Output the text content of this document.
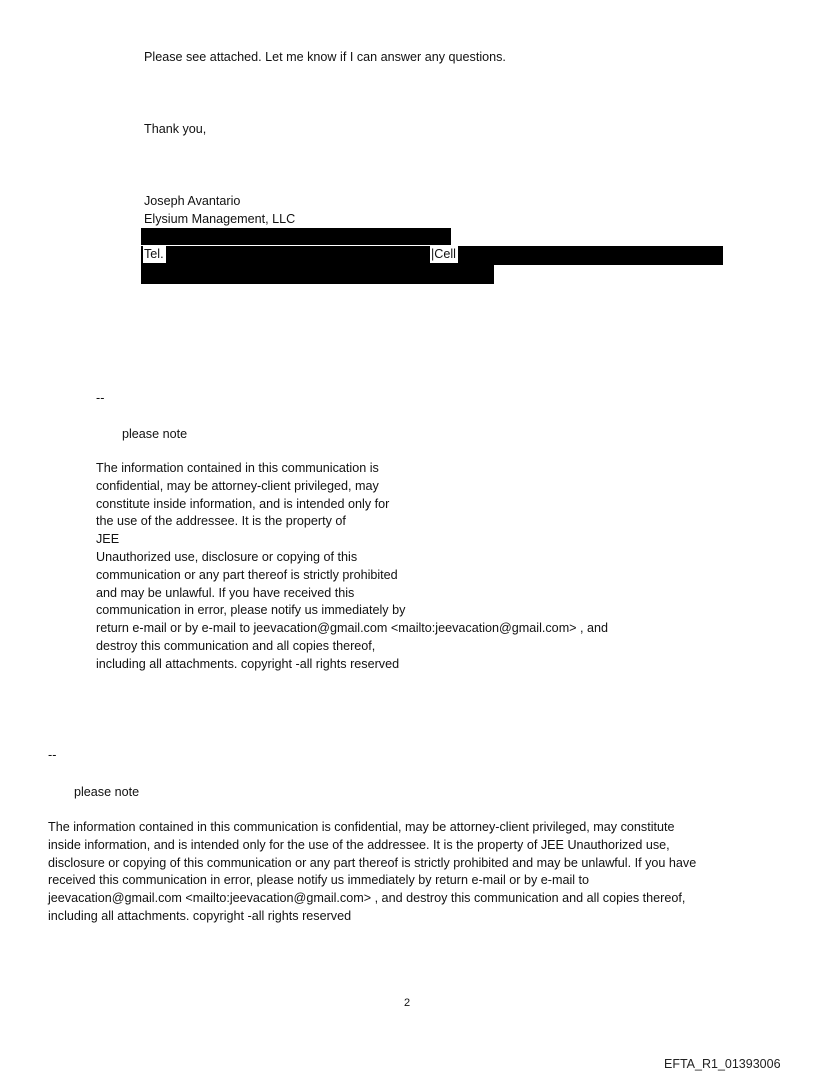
Please see attached. Let me know if I can answer any questions.
Thank you,
Joseph Avantario
Elysium Management, LLC
Tel.	|Cell
--
please note
The information contained in this communication is
confidential, may be attorney-client privileged, may
constitute inside information, and is intended only for
the use of the addressee. It is the property of
JEE
Unauthorized use, disclosure or copying of this
communication or any part thereof is strictly prohibited
and may be unlawful. If you have received this
communication in error, please notify us immediately by
return e-mail or by e-mail to jeevacation@gmail.com <mailto:jeevacation@gmail.com> , and
destroy this communication and all copies thereof,
including all attachments. copyright -all rights reserved
--
please note
The information contained in this communication is confidential, may be attorney-client privileged, may constitute
inside information, and is intended only for the use of the addressee. It is the property of JEE Unauthorized use,
disclosure or copying of this communication or any part thereof is strictly prohibited and may be unlawful. If you have
received this communication in error, please notify us immediately by return e-mail or by e-mail to
jeevacation@gmail.com <mailto:jeevacation@gmail.com> , and destroy this communication and all copies thereof,
including all attachments. copyright -all rights reserved
2
EFTA_R1_01393006
